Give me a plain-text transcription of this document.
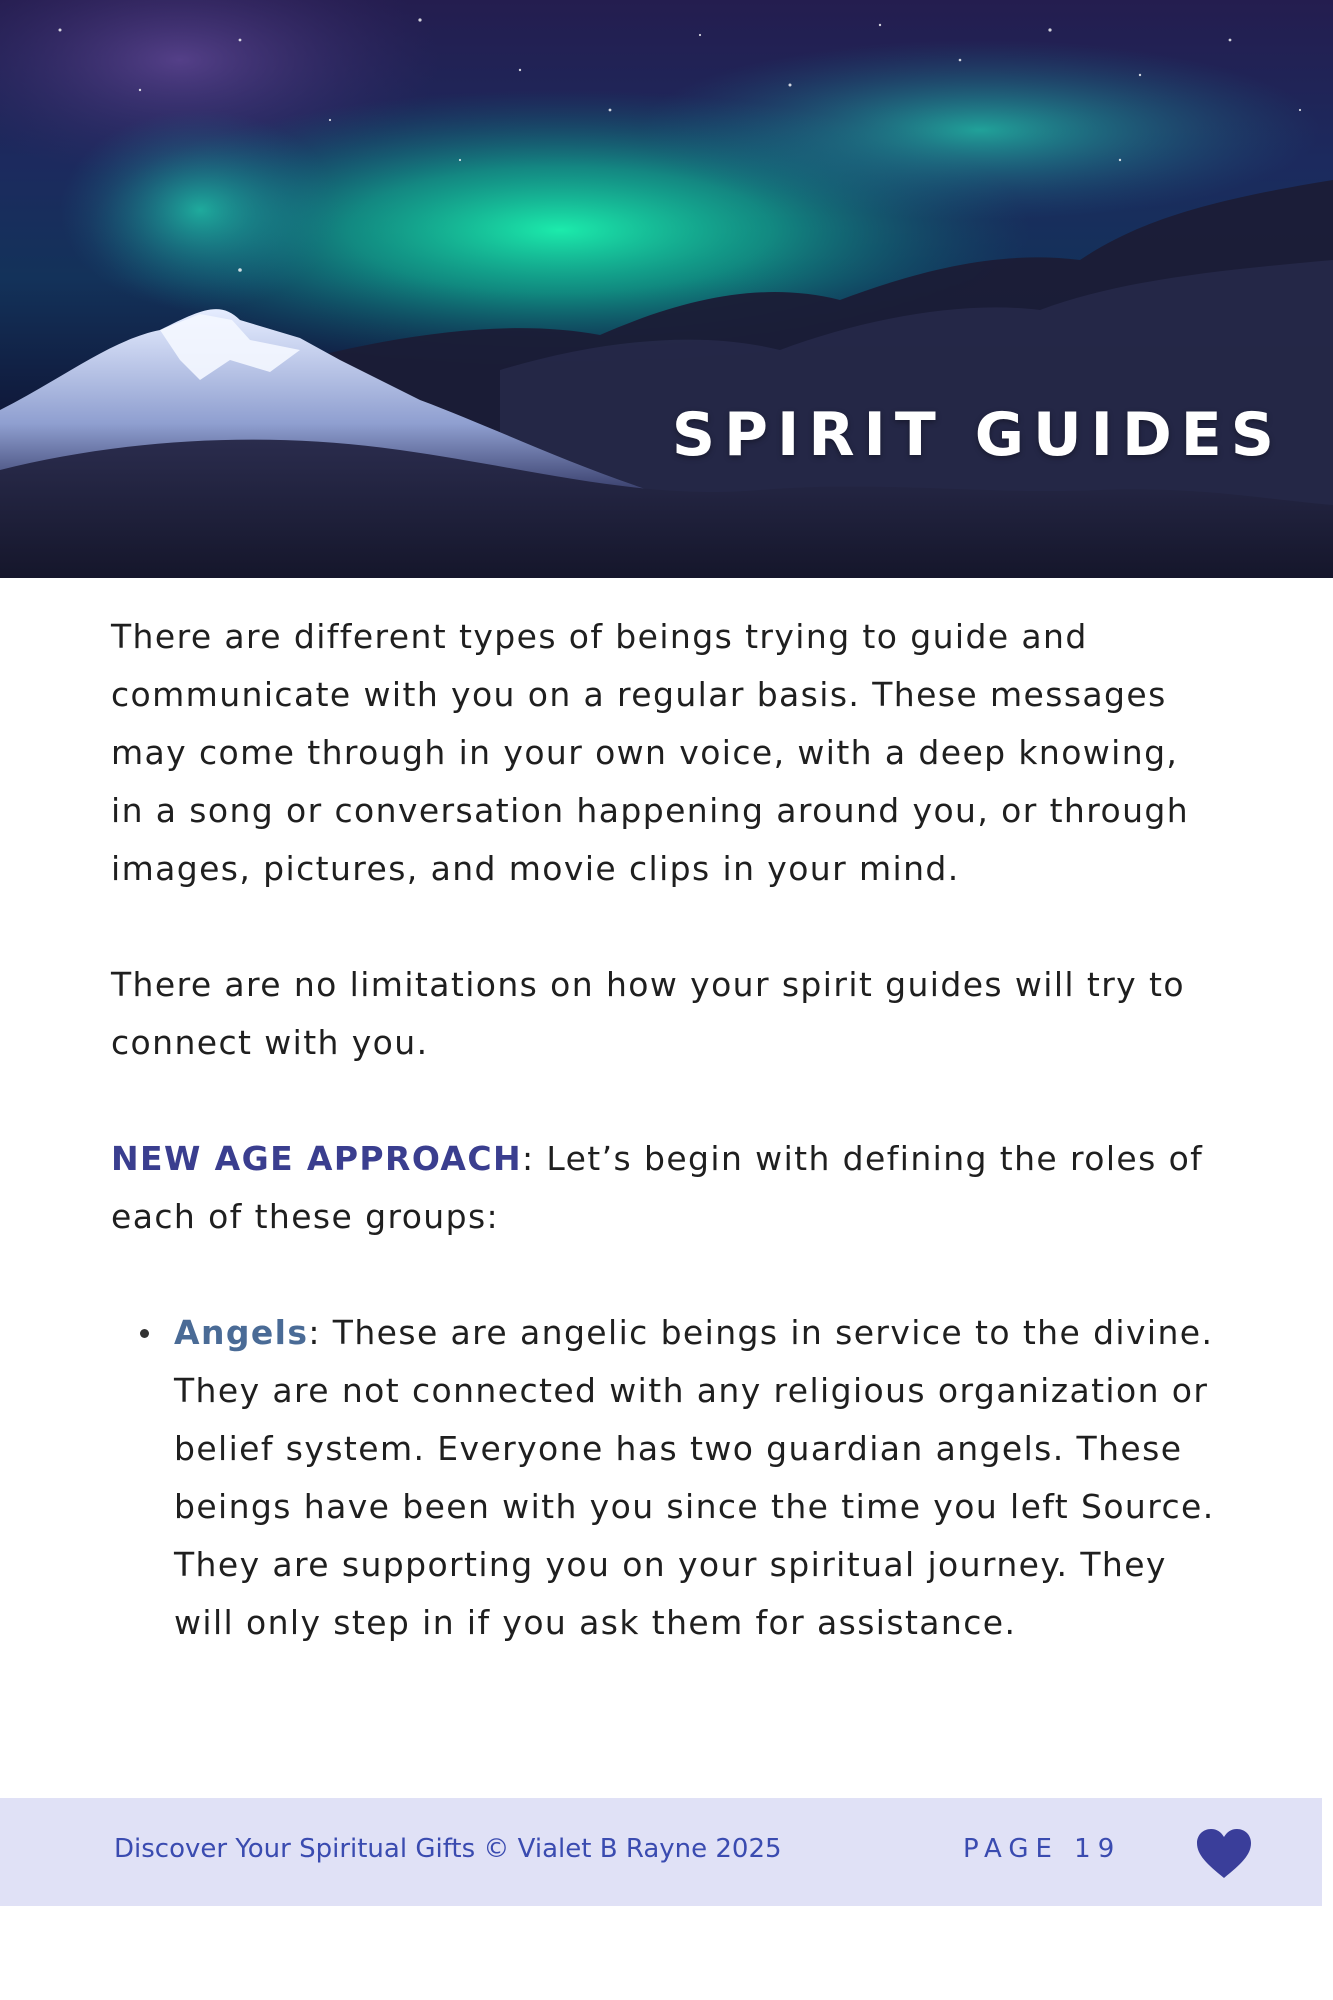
SPIRIT GUIDES

There are different types of beings trying to guide and communicate with you on a regular basis. These messages may come through in your own voice, with a deep knowing, in a song or conversation happening around you, or through images, pictures, and movie clips in your mind.

There are no limitations on how your spirit guides will try to connect with you.

NEW AGE APPROACH: Let’s begin with defining the roles of each of these groups:

Angels: These are angelic beings in service to the divine. They are not connected with any religious organization or belief system. Everyone has two guardian angels. These beings have been with you since the time you left Source. They are supporting you on your spiritual journey. They will only step in if you ask them for assistance.
Discover Your Spiritual Gifts © Vialet B Rayne 2025	PAGE 19
